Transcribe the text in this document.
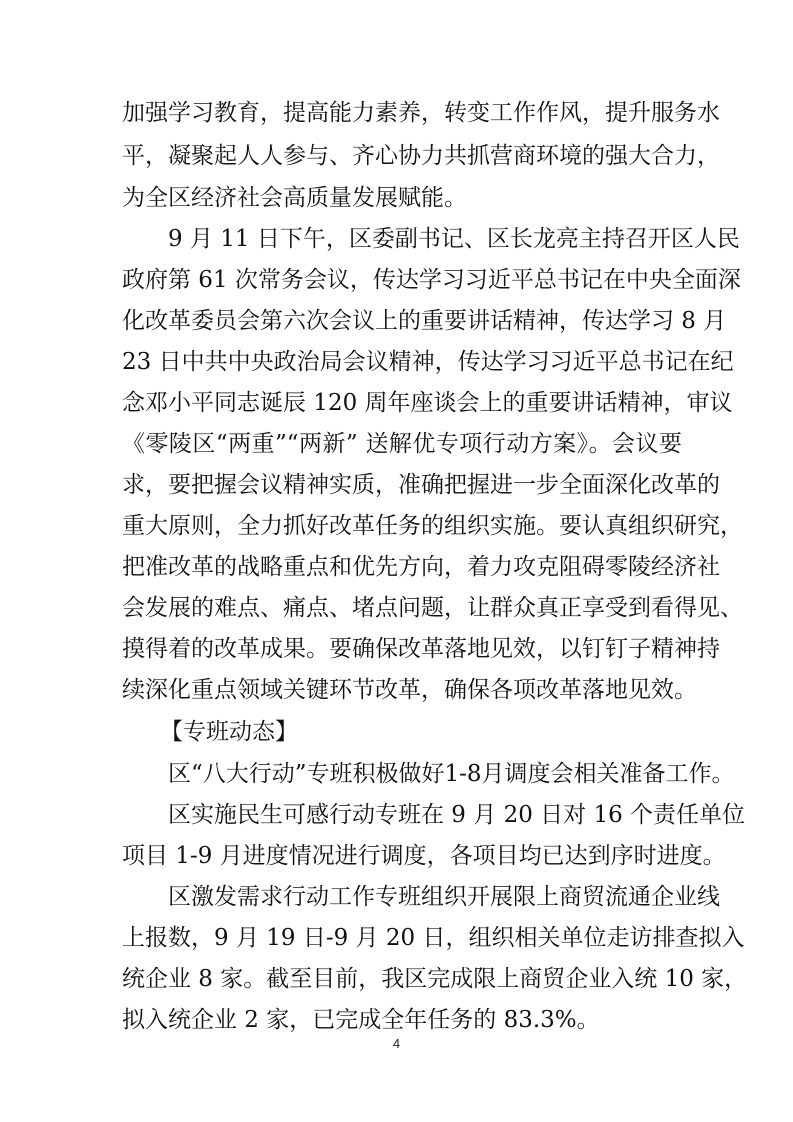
加强学习教育，提高能力素养，转变工作作风，提升服务水
平，凝聚起人人参与、齐心协力共抓营商环境的强大合力，
为全区经济社会高质量发展赋能。
9 月 11 日下午，区委副书记、区长龙亮主持召开区人民
政府第 61 次常务会议，传达学习习近平总书记在中央全面深
化改革委员会第六次会议上的重要讲话精神，传达学习 8 月
23 日中共中央政治局会议精神，传达学习习近平总书记在纪
念邓小平同志诞辰 120 周年座谈会上的重要讲话精神，审议
《零陵区“两重”“两新” 送解优专项行动方案》。会议要
求，要把握会议精神实质，准确把握进一步全面深化改革的
重大原则，全力抓好改革任务的组织实施。要认真组织研究，
把准改革的战略重点和优先方向，着力攻克阻碍零陵经济社
会发展的难点、痛点、堵点问题，让群众真正享受到看得见、
摸得着的改革成果。要确保改革落地见效，以钉钉子精神持
续深化重点领域关键环节改革，确保各项改革落地见效。
【专班动态】
区“八大行动”专班积极做好1-8月调度会相关准备工作。
区实施民生可感行动专班在 9 月 20 日对 16 个责任单位
项目 1-9 月进度情况进行调度，各项目均已达到序时进度。
区激发需求行动工作专班组织开展限上商贸流通企业线
上报数，9 月 19 日-9 月 20 日，组织相关单位走访排查拟入
统企业 8 家。截至目前，我区完成限上商贸企业入统 10 家，
拟入统企业 2 家，已完成全年任务的 83.3%。
4
